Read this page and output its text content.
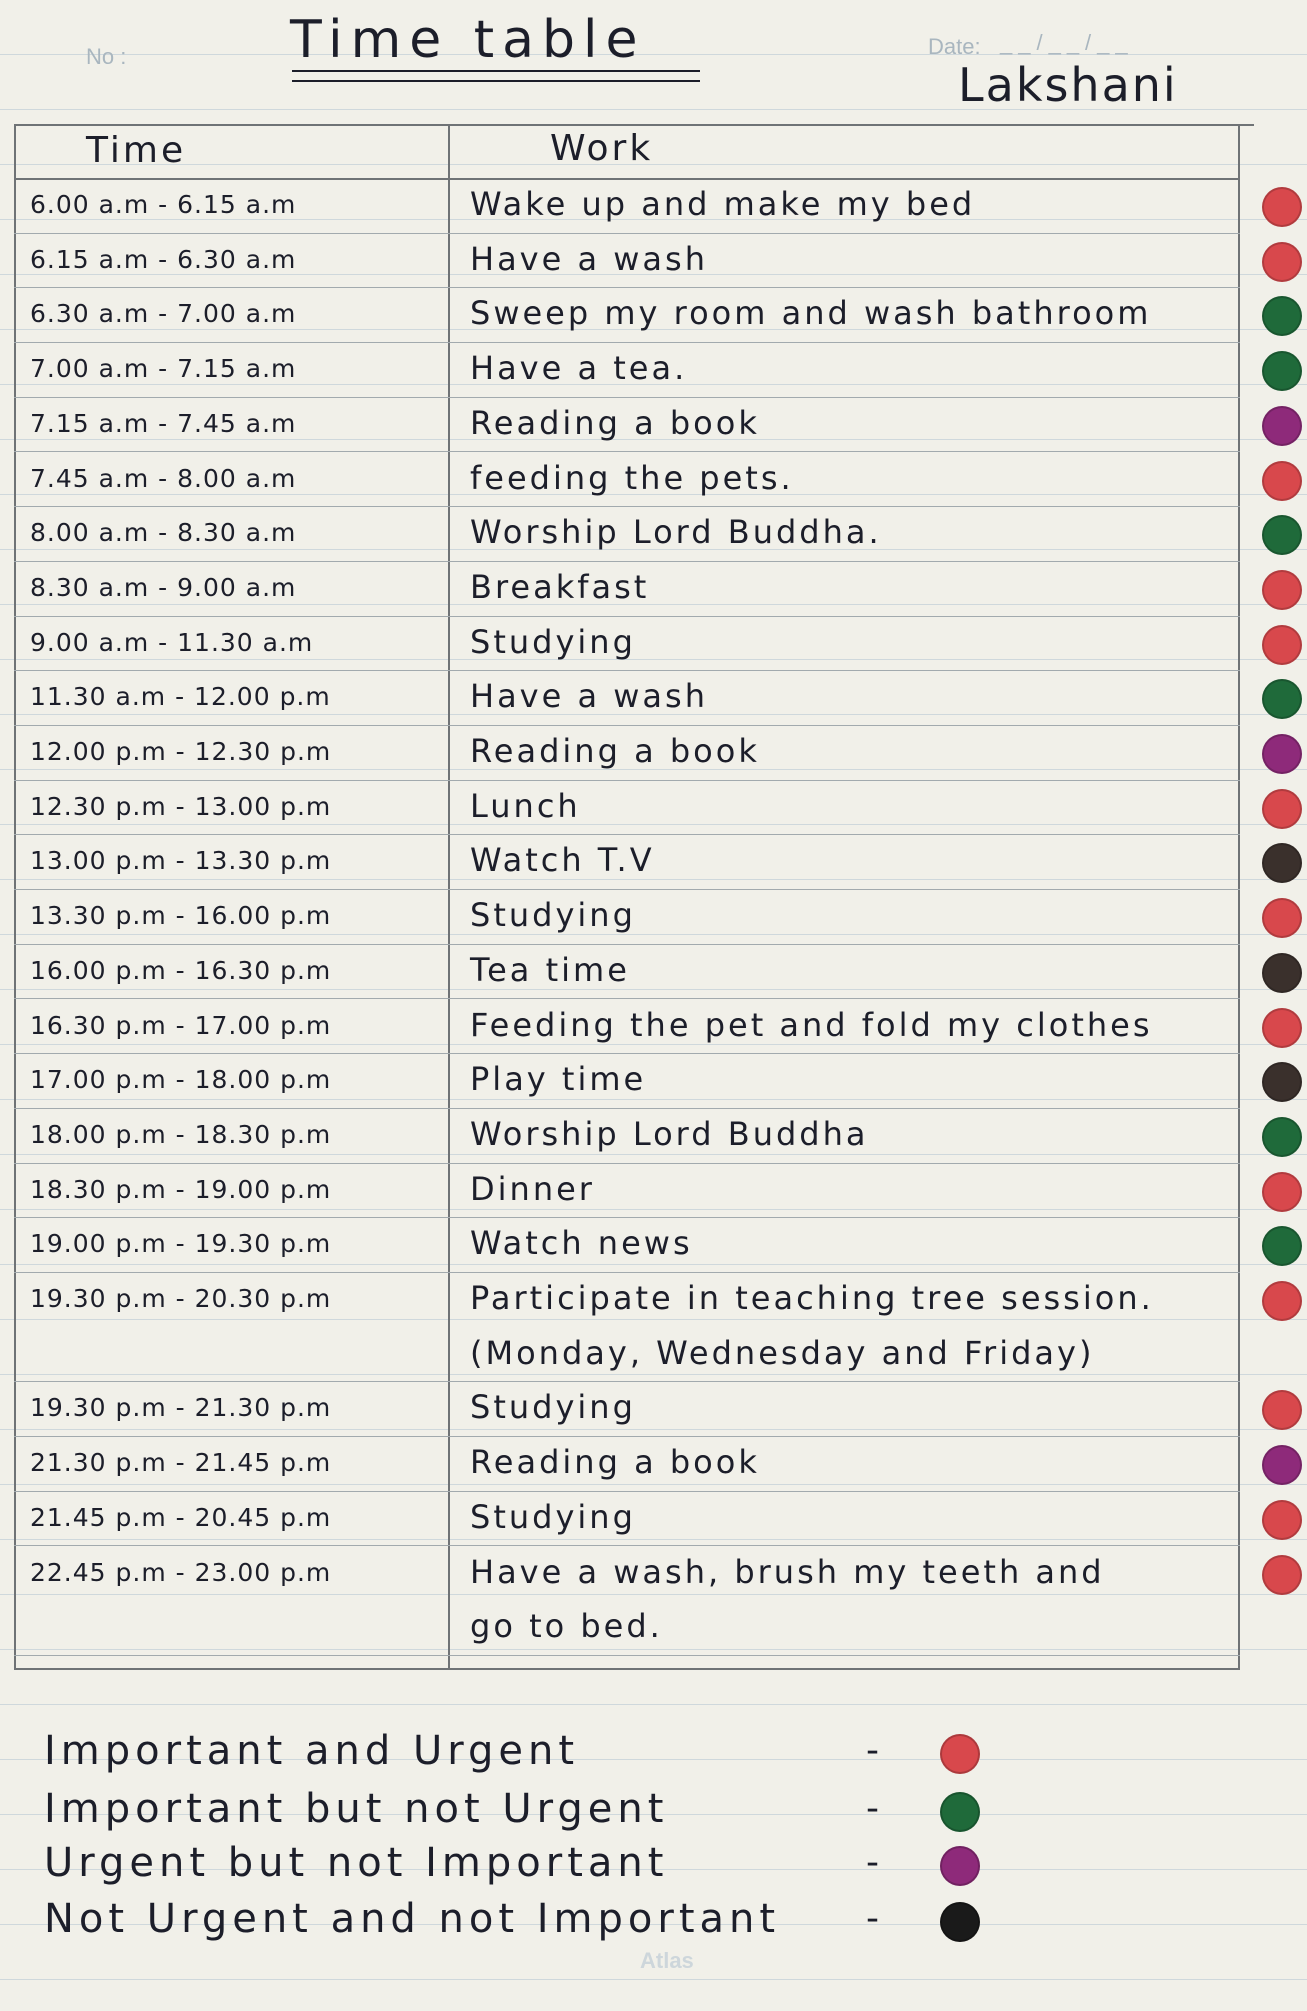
No :	Date: __/__/__
Time table
Lakshani
Time	Work
6.00 a.m - 6.15 a.m	Wake up and make my bed
6.15 a.m - 6.30 a.m	Have a wash
6.30 a.m - 7.00 a.m	Sweep my room and wash bathroom
7.00 a.m - 7.15 a.m	Have a tea.
7.15 a.m - 7.45 a.m	Reading a book
7.45 a.m - 8.00 a.m	feeding the pets.
8.00 a.m - 8.30 a.m	Worship Lord Buddha.
8.30 a.m - 9.00 a.m	Breakfast
9.00 a.m - 11.30 a.m	Studying
11.30 a.m - 12.00 p.m	Have a wash
12.00 p.m - 12.30 p.m	Reading a book
12.30 p.m - 13.00 p.m	Lunch
13.00 p.m - 13.30 p.m	Watch T.V
13.30 p.m - 16.00 p.m	Studying
16.00 p.m - 16.30 p.m	Tea time
16.30 p.m - 17.00 p.m	Feeding the pet and fold my clothes
17.00 p.m - 18.00 p.m	Play time
18.00 p.m - 18.30 p.m	Worship Lord Buddha
18.30 p.m - 19.00 p.m	Dinner
19.00 p.m - 19.30 p.m	Watch news
19.30 p.m - 20.30 p.m	Participate in teaching tree session.
(Monday, Wednesday and Friday)
19.30 p.m - 21.30 p.m	Studying
21.30 p.m - 21.45 p.m	Reading a book
21.45 p.m - 20.45 p.m	Studying
22.45 p.m - 23.00 p.m	Have a wash, brush my teeth and
go to bed.
Important and Urgent	-
Important but not Urgent	-
Urgent but not Important	-
Not Urgent and not Important -
Atlas
